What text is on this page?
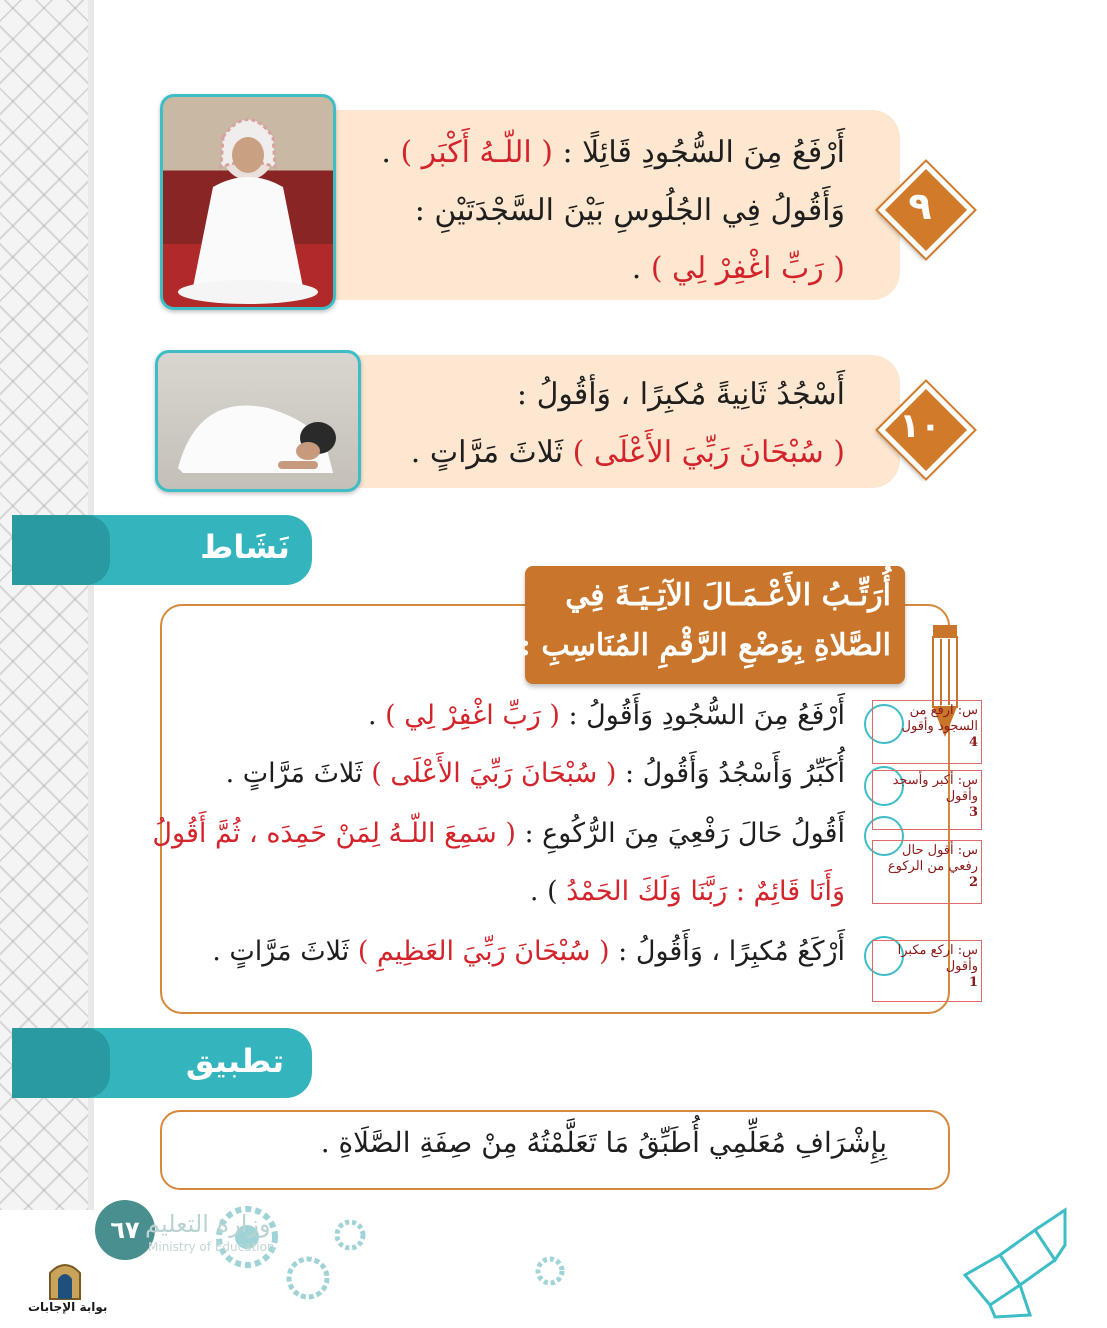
٩
أَرْفَعُ مِنَ السُّجُودِ قَائِلًا : ( اللّـهُ أَكْبَر ) .
وَأَقُولُ فِي الجُلُوسِ بَيْنَ السَّجْدَتَيْنِ :
( رَبِّ اغْفِرْ لِي ) .
١٠
أَسْجُدُ ثَانِيةً مُكبِرًا ، وَأقُولُ :
( سُبْحَانَ رَبِّيَ الأَعْلَى ) ثَلاثَ مَرَّاتٍ .
نَشَاط
أُرَتِّـبُ الأَعْـمَـالَ الآتِـيَـةَ فِي
الصَّلاةِ بِوَضْعِ الرَّقْمِ المُنَاسِبِ :
أَرْفَعُ مِنَ السُّجُودِ وَأَقُولُ : ( رَبِّ اغْفِرْ لِي ) .
أُكَبِّرُ وَأَسْجُدُ وَأَقُولُ : ( سُبْحَانَ رَبِّيَ الأَعْلَى ) ثَلاثَ مَرَّاتٍ .
أَقُولُ حَالَ رَفْعِيَ مِنَ الرُّكُوعِ : ( سَمِعَ اللّـهُ لِمَنْ حَمِدَه ، ثُمَّ أَقُولُ
وَأَنَا قَائِمٌ : رَبَّنَا وَلَكَ الحَمْدُ ) .
أَرْكَعُ مُكبِرًا ، وَأَقُولُ : ( سُبْحَانَ رَبِّيَ العَظِيمِ ) ثَلاثَ مَرَّاتٍ .
س: ارفع من السجود وأقول
4
س: أكبر وأسجد وأقول
3
س: أقول حال رفعي من الركوع
2
س: اركع مكبرا وأقول
1
تطبيق
بِإِشْرَافِ مُعَلِّمِي أُطَبِّقُ مَا تَعَلَّمْتُهُ مِنْ صِفَةِ الصَّلَاةِ .
٦٧ وزارة التعليم
Ministry of Education
بوابة الإجابات
